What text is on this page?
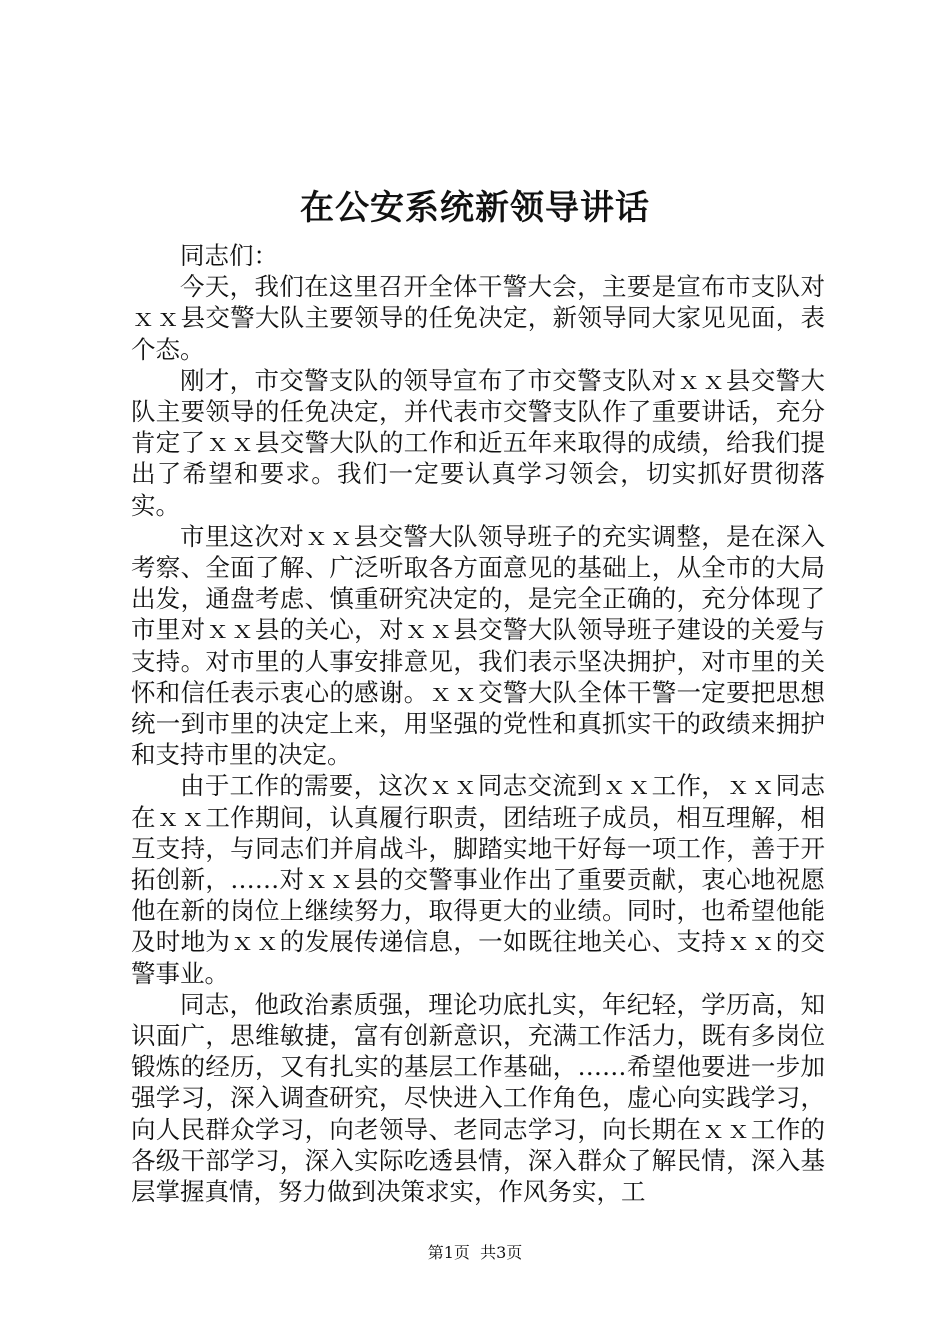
在公安系统新领导讲话

同志们：

今天，我们在这里召开全体干警大会，主要是宣布市支队对ｘｘ县交警大队主要领导的任免决定，新领导同大家见见面，表个态。

刚才，市交警支队的领导宣布了市交警支队对ｘｘ县交警大队主要领导的任免决定，并代表市交警支队作了重要讲话，充分肯定了ｘｘ县交警大队的工作和近五年来取得的成绩，给我们提出了希望和要求。我们一定要认真学习领会，切实抓好贯彻落实。

市里这次对ｘｘ县交警大队领导班子的充实调整，是在深入考察、全面了解、广泛听取各方面意见的基础上，从全市的大局出发，通盘考虑、慎重研究决定的，是完全正确的，充分体现了市里对ｘｘ县的关心，对ｘｘ县交警大队领导班子建设的关爱与支持。对市里的人事安排意见，我们表示坚决拥护，对市里的关怀和信任表示衷心的感谢。ｘｘ交警大队全体干警一定要把思想统一到市里的决定上来，用坚强的党性和真抓实干的政绩来拥护和支持市里的决定。

由于工作的需要，这次ｘｘ同志交流到ｘｘ工作，ｘｘ同志在ｘｘ工作期间，认真履行职责，团结班子成员，相互理解，相互支持，与同志们并肩战斗，脚踏实地干好每一项工作，善于开拓创新，……对ｘｘ县的交警事业作出了重要贡献，衷心地祝愿他在新的岗位上继续努力，取得更大的业绩。同时，也希望他能及时地为ｘｘ的发展传递信息，一如既往地关心、支持ｘｘ的交警事业。

同志，他政治素质强，理论功底扎实，年纪轻，学历高，知识面广，思维敏捷，富有创新意识，充满工作活力，既有多岗位锻炼的经历，又有扎实的基层工作基础，……希望他要进一步加强学习，深入调查研究，尽快进入工作角色，虚心向实践学习，向人民群众学习，向老领导、老同志学习，向长期在ｘｘ工作的各级干部学习，深入实际吃透县情，深入群众了解民情，深入基层掌握真情，努力做到决策求实，作风务实，工

第1页  共3页
